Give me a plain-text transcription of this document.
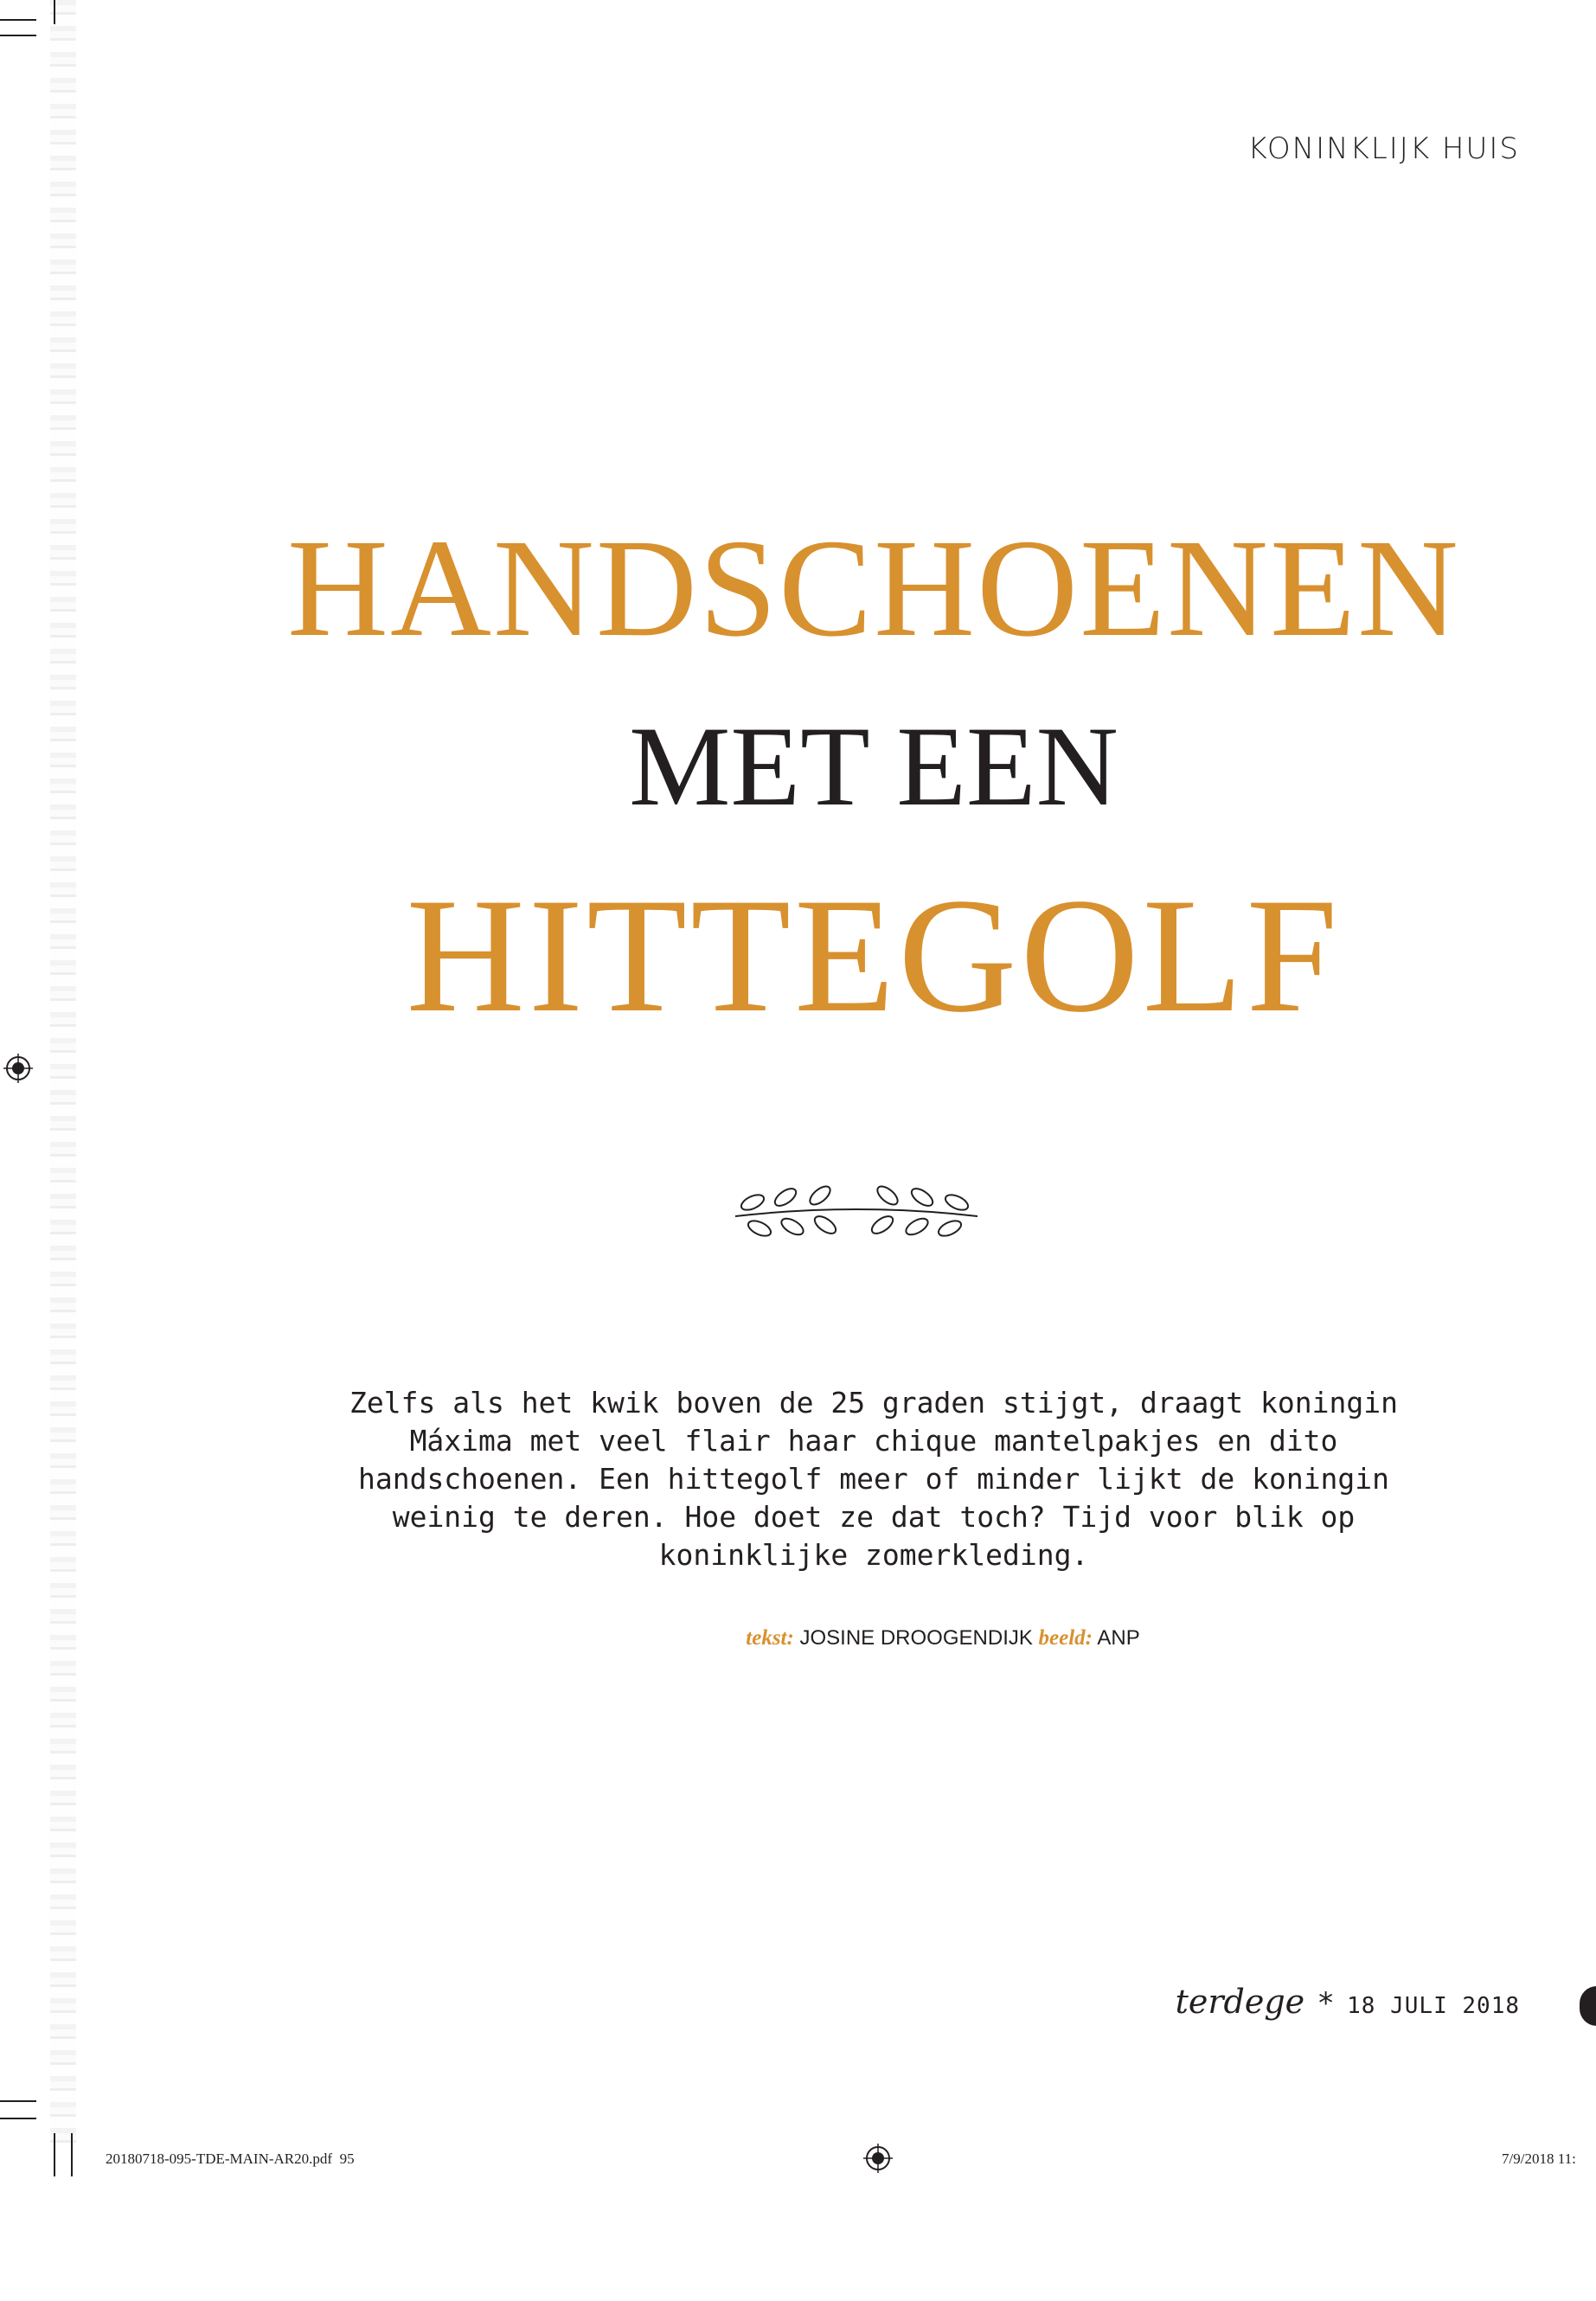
KONINKLIJK HUIS
HANDSCHOENEN
MET EEN
HITTEGOLF
Zelfs als het kwik boven de 25 graden stijgt, draagt koningin Máxima met veel flair haar chique mantelpakjes en dito handschoenen. Een hittegolf meer of minder lijkt de koningin weinig te deren. Hoe doet ze dat toch? Tijd voor blik op koninklijke zomerkleding.
tekst: JOSINE DROOGENDIJK beeld: ANP
terdege * 18 JULI 2018
20180718-095-TDE-MAIN-AR20.pdf 95	7/9/2018 11:
